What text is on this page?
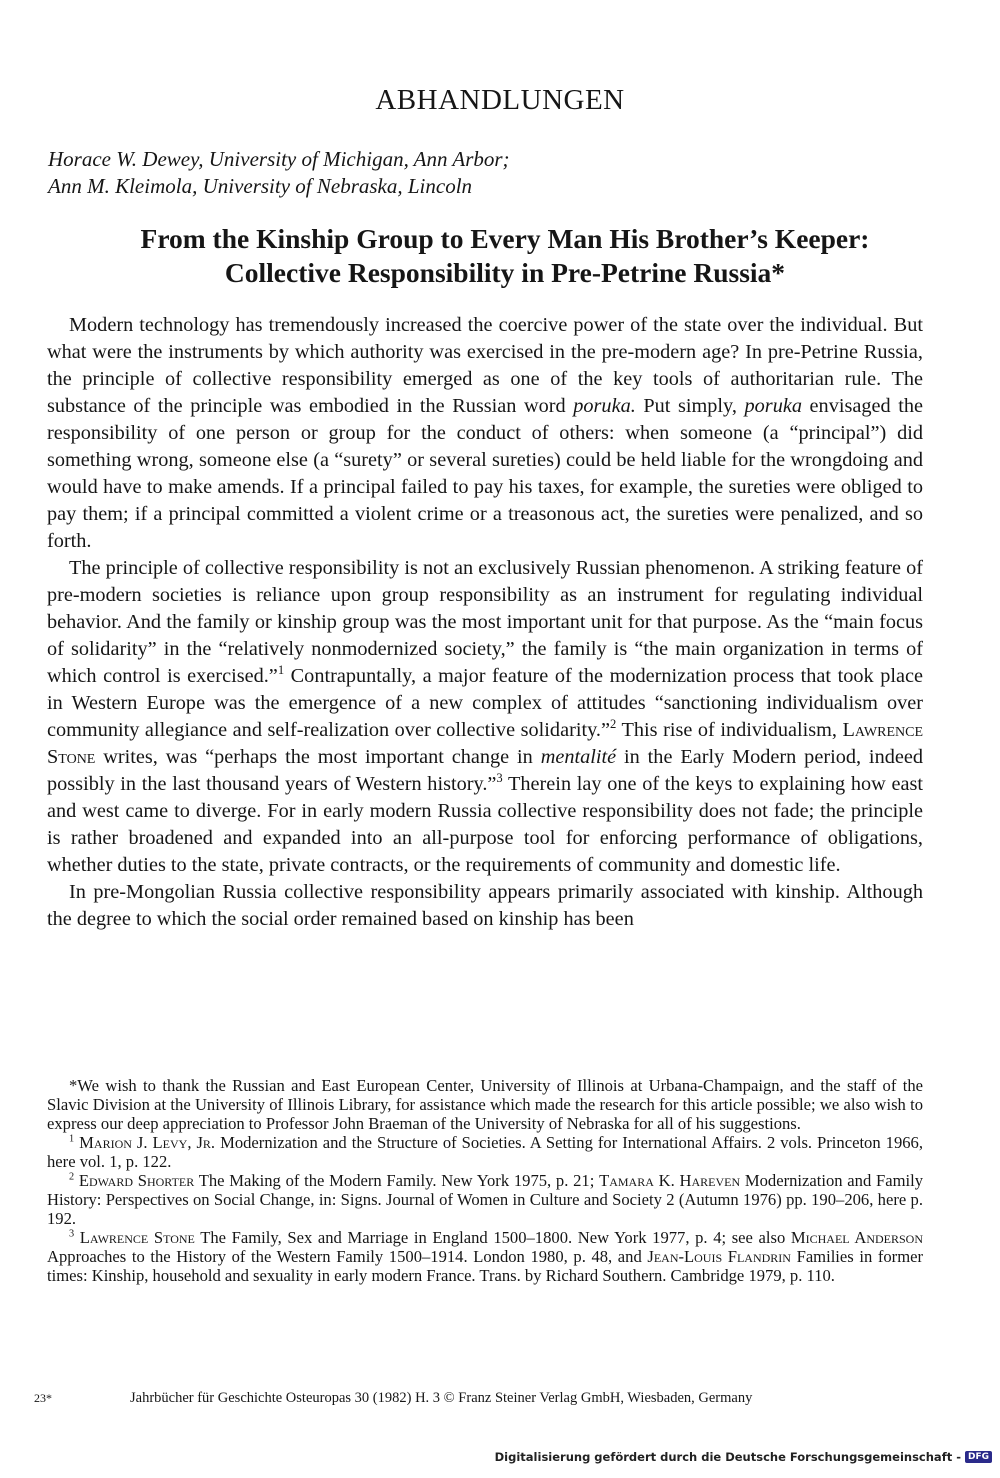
ABHANDLUNGEN
Horace W. Dewey, University of Michigan, Ann Arbor;
Ann M. Kleimola, University of Nebraska, Lincoln
From the Kinship Group to Every Man His Brother’s Keeper:
Collective Responsibility in Pre-Petrine Russia*

Modern technology has tremendously increased the coercive power of the state over the individual. But what were the instruments by which authority was exercised in the pre-modern age? In pre-Petrine Russia, the principle of collective responsibility emerged as one of the key tools of authoritarian rule. The substance of the principle was embodied in the Russian word poruka. Put simply, poruka envisaged the responsibility of one person or group for the conduct of others: when someone (a “principal”) did something wrong, someone else (a “surety” or several sureties) could be held liable for the wrongdoing and would have to make amends. If a principal failed to pay his taxes, for example, the sureties were obliged to pay them; if a principal committed a violent crime or a treasonous act, the sureties were penalized, and so forth.

The principle of collective responsibility is not an exclusively Russian phenomenon. A striking feature of pre-modern societies is reliance upon group responsibility as an instrument for regulating individual behavior. And the family or kinship group was the most important unit for that purpose. As the “main focus of solidarity” in the “relatively nonmodernized society,” the family is “the main organization in terms of which control is exercised.”$^1$ Contrapuntally, a major feature of the modernization process that took place in Western Europe was the emergence of a new complex of attitudes “sanctioning individualism over community allegiance and self-realization over collective solidarity.”$^2$ This rise of individualism, Lawrence Stone writes, was “perhaps the most important change in mentalité in the Early Modern period, indeed possibly in the last thousand years of Western history.”$^3$ Therein lay one of the keys to explaining how east and west came to diverge. For in early modern Russia collective responsibility does not fade; the principle is rather broadened and expanded into an all-purpose tool for enforcing performance of obligations, whether duties to the state, private contracts, or the requirements of community and domestic life.

In pre-Mongolian Russia collective responsibility appears primarily associated with kinship. Although the degree to which the social order remained based on kinship has been

*We wish to thank the Russian and East European Center, University of Illinois at Urbana-Champaign, and the staff of the Slavic Division at the University of Illinois Library, for assistance which made the research for this article possible; we also wish to express our deep appreciation to Professor John Braeman of the University of Nebraska for all of his suggestions.

$^1$ Marion J. Levy, Jr. Modernization and the Structure of Societies. A Setting for International Affairs. 2 vols. Princeton 1966, here vol. 1, p. 122.

$^2$ Edward Shorter The Making of the Modern Family. New York 1975, p. 21; Tamara K. Hareven Modernization and Family History: Perspectives on Social Change, in: Signs. Journal of Women in Culture and Society 2 (Autumn 1976) pp. 190–206, here p. 192.

$^3$ Lawrence Stone The Family, Sex and Marriage in England 1500–1800. New York 1977, p. 4; see also Michael Anderson Approaches to the History of the Western Family 1500–1914. London 1980, p. 48, and Jean-Louis Flandrin Families in former times: Kinship, household and sexuality in early modern France. Trans. by Richard Southern. Cambridge 1979, p. 110.

23*	Jahrbücher für Geschichte Osteuropas 30 (1982) H. 3 © Franz Steiner Verlag GmbH, Wiesbaden, Germany
Digitalisierung gefördert durch die Deutsche Forschungsgemeinschaft - DFG
